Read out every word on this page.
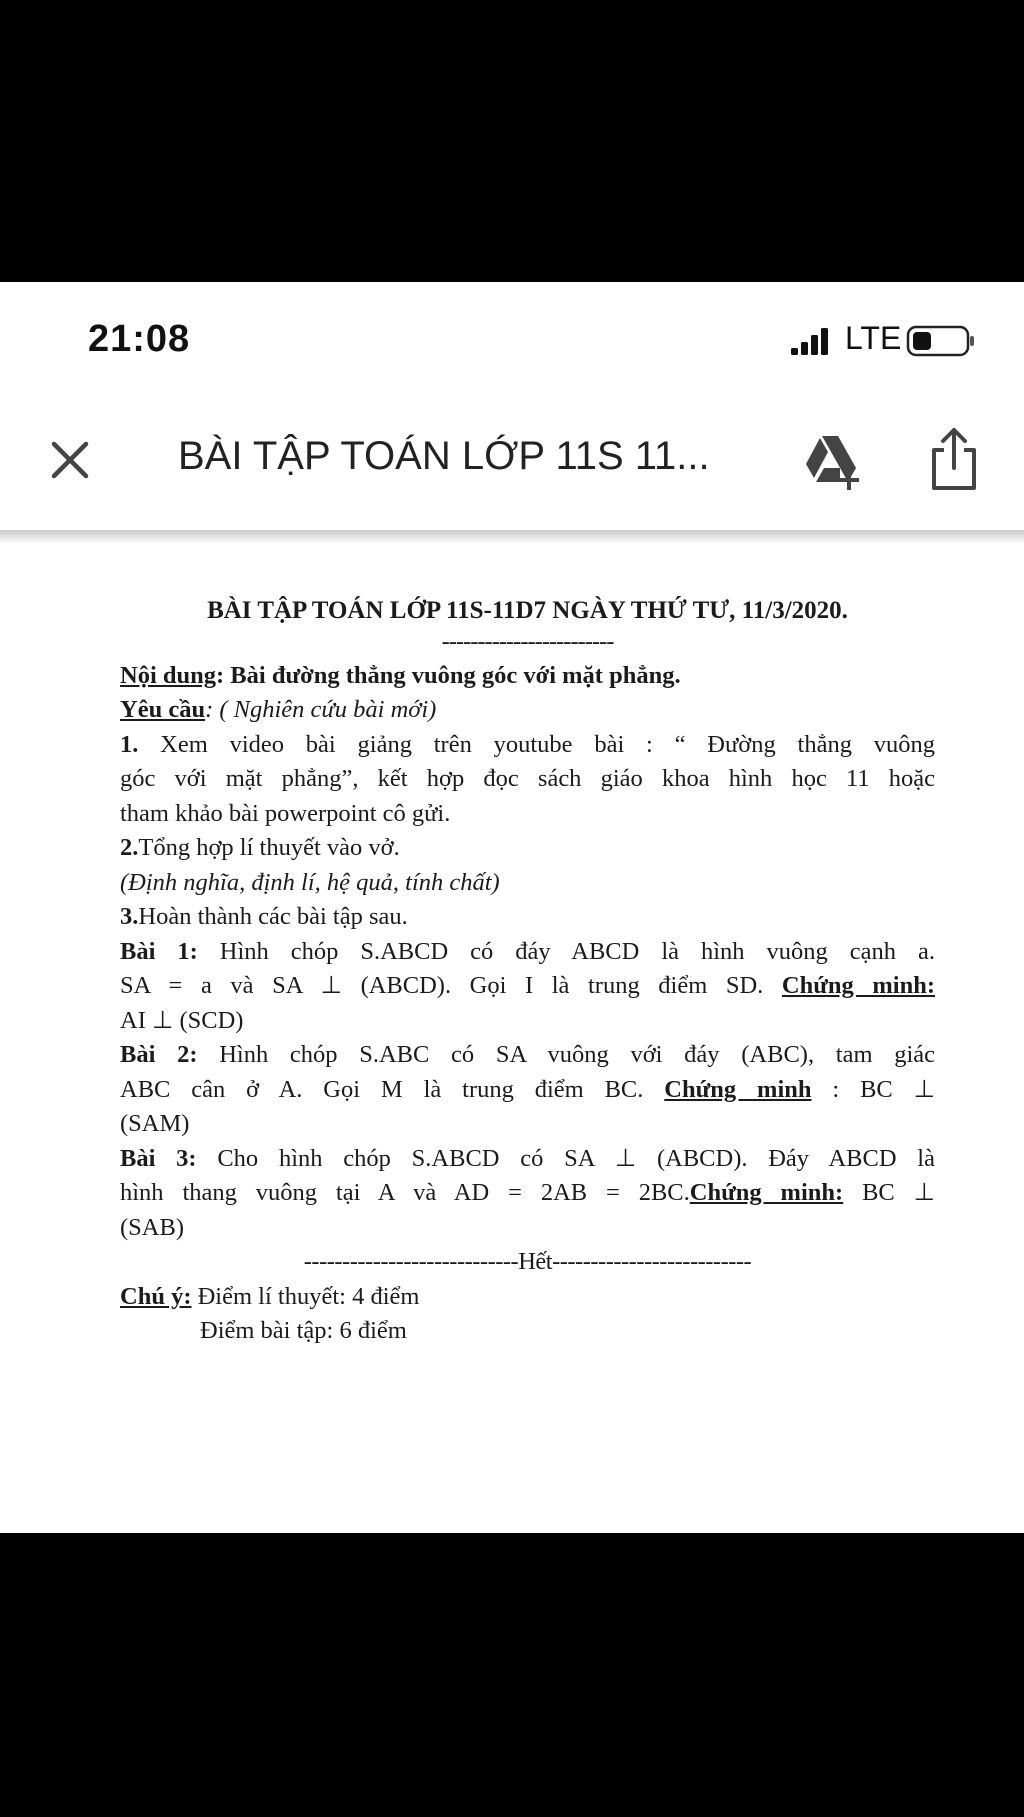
21:08	LTE
BÀI TẬP TOÁN LỚP 11S 11...
BÀI TẬP TOÁN LỚP 11S-11D7 NGÀY THỨ TƯ, 11/3/2020.
------------------------
Nội dung: Bài đường thẳng vuông góc với mặt phẳng.
Yêu cầu: ( Nghiên cứu bài mới)
1. Xem video bài giảng trên youtube bài : “ Đường thẳng vuông
góc với mặt phẳng”, kết hợp đọc sách giáo khoa hình học 11 hoặc
tham khảo bài powerpoint cô gửi.
2.Tổng hợp lí thuyết vào vở.
(Định nghĩa, định lí, hệ quả, tính chất)
3.Hoàn thành các bài tập sau.
Bài 1: Hình chóp S.ABCD có đáy ABCD là hình vuông cạnh a.
SA = a và SA ⊥ (ABCD). Gọi I là trung điểm SD. Chứng minh:
AI ⊥ (SCD)
Bài 2: Hình chóp S.ABC có SA vuông với đáy (ABC), tam giác
ABC cân ở A. Gọi M là trung điểm BC. Chứng minh : BC ⊥
(SAM)
Bài 3: Cho hình chóp S.ABCD có SA ⊥ (ABCD). Đáy ABCD là
hình thang vuông tại A và AD = 2AB = 2BC.Chứng minh: BC ⊥
(SAB)
----------------------------Hết--------------------------
Chú ý: Điểm lí thuyết: 4 điểm
Điểm bài tập: 6 điểm
